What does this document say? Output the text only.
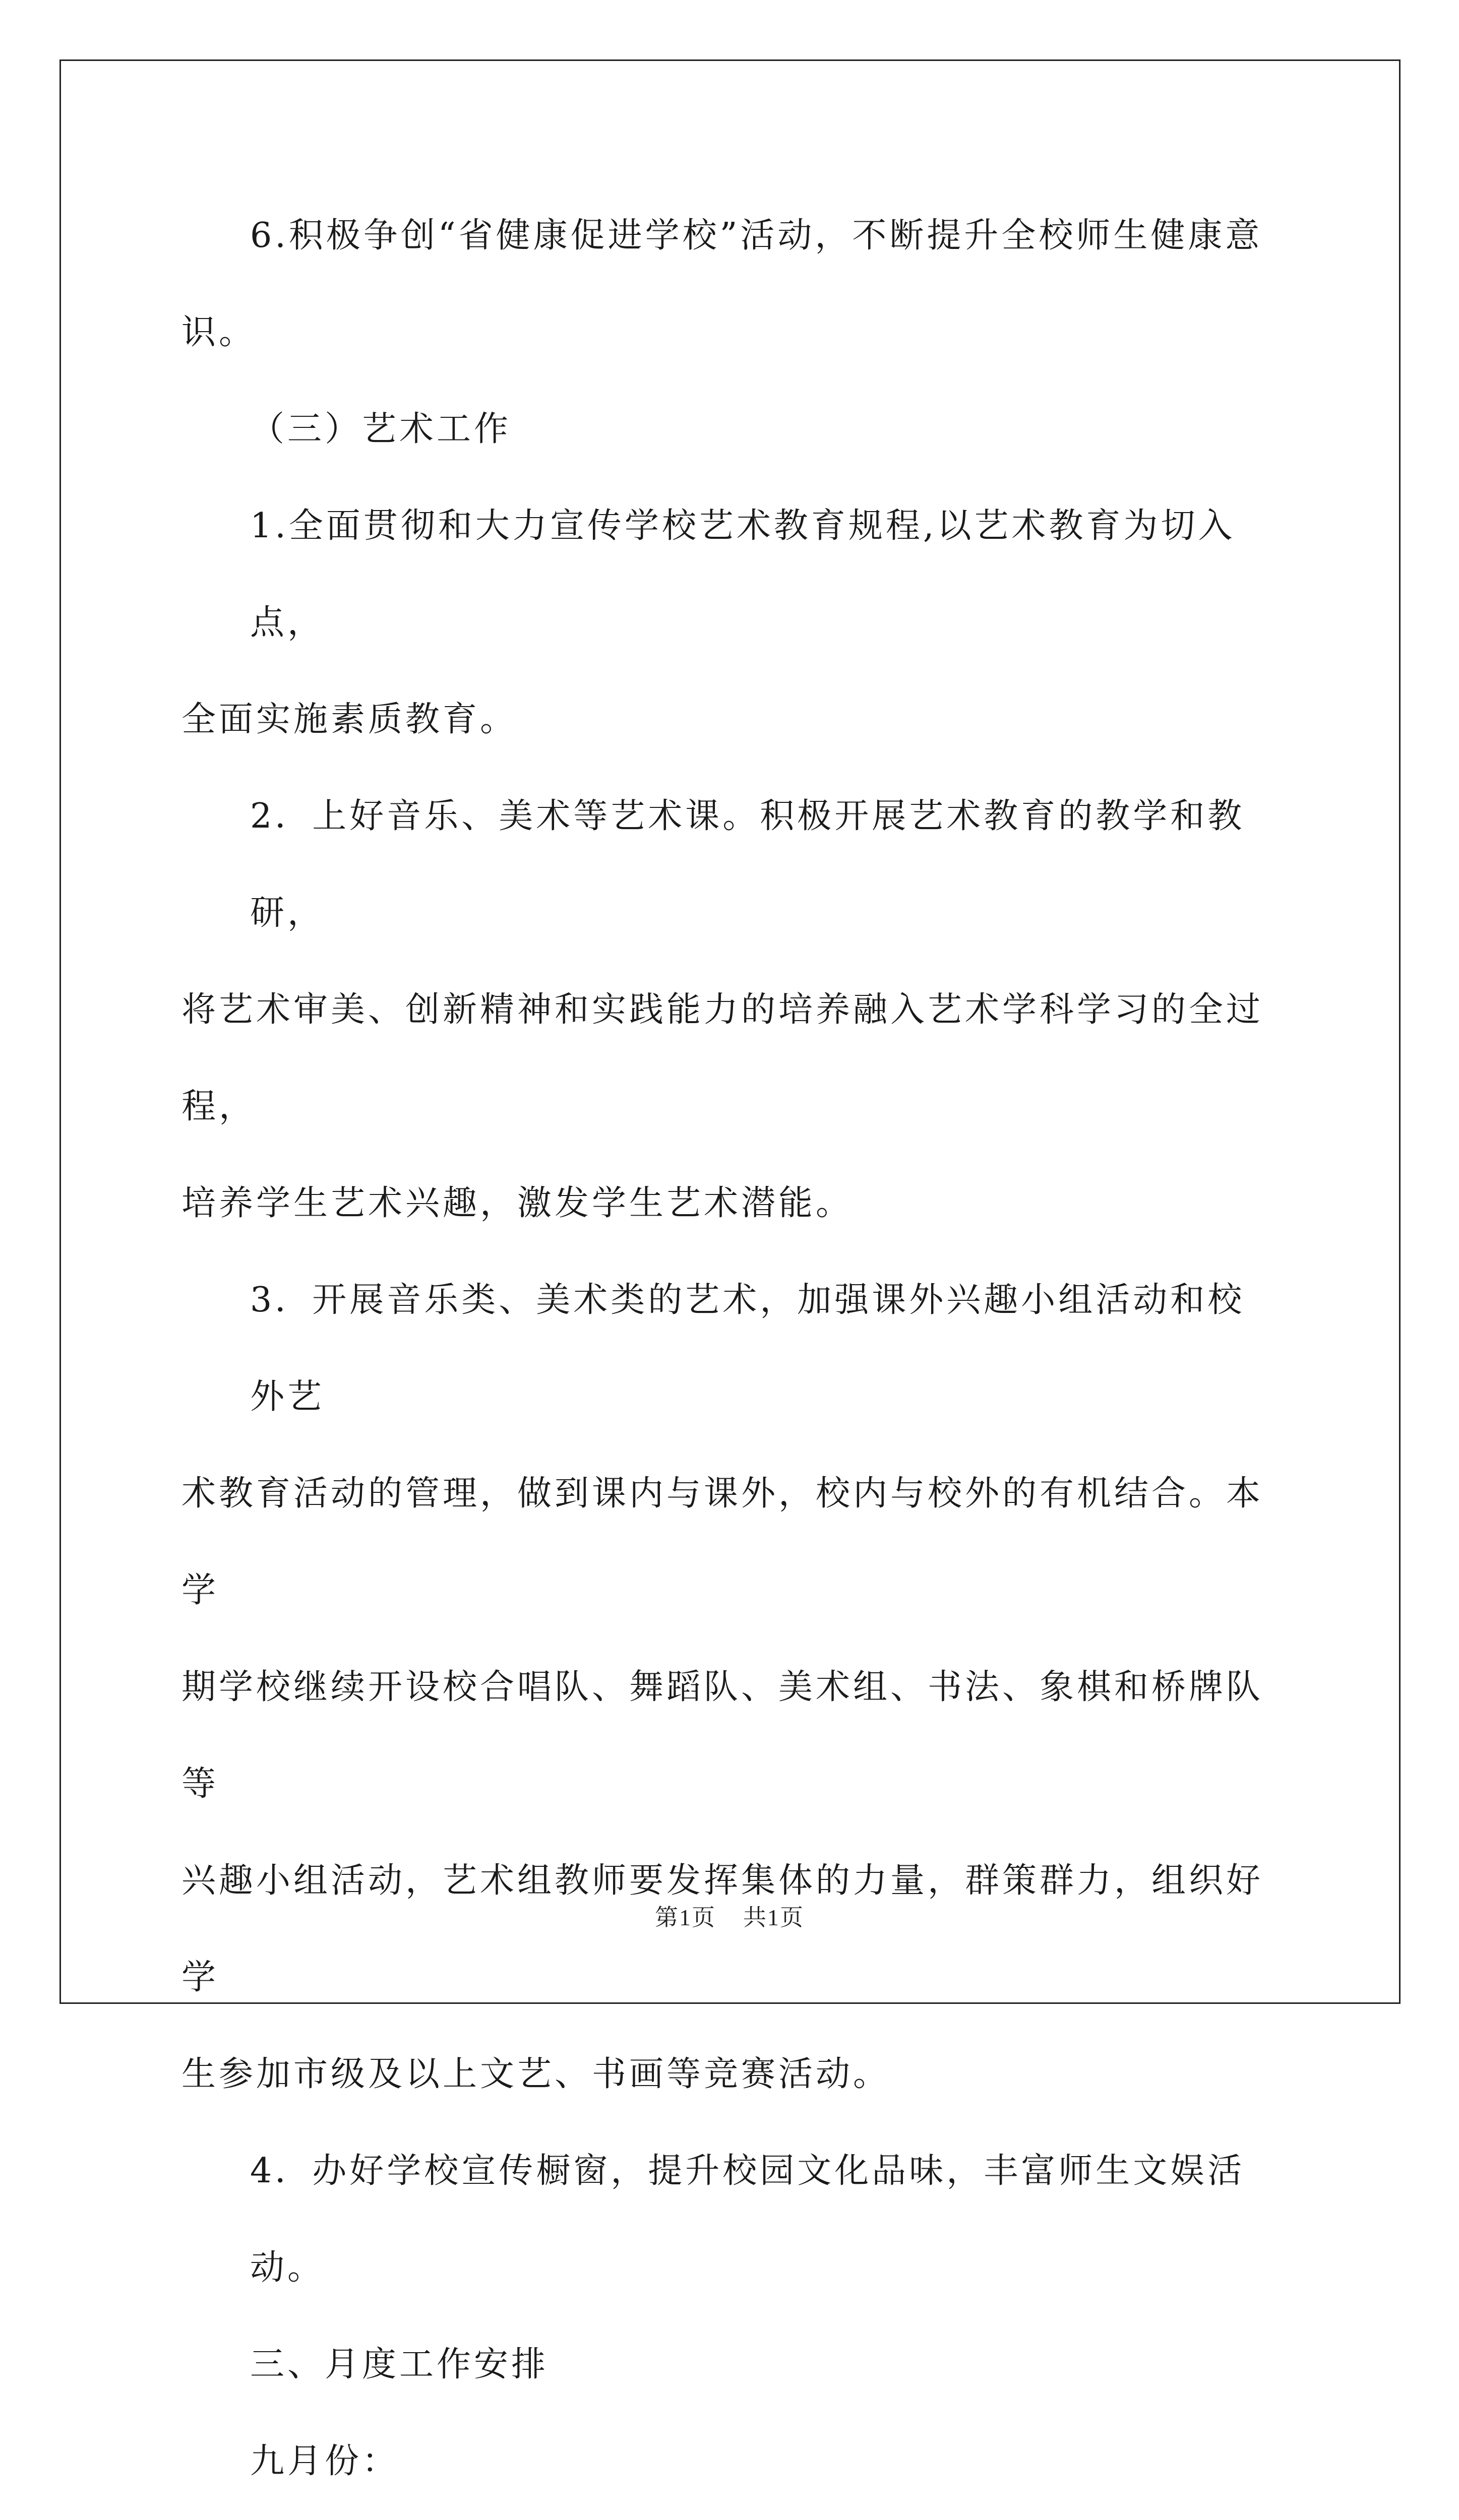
6.积极争创“省健康促进学校”活动，不断提升全校师生健康意
识。
（三）艺术工作
1.全面贯彻和大力宣传学校艺术教育规程,以艺术教育为切入点，
全面实施素质教育。
2．上好音乐、美术等艺术课。积极开展艺术教育的教学和教研，
将艺术审美、创新精神和实践能力的培养融入艺术学科学习的全过程，
培养学生艺术兴趣，激发学生艺术潜能。
3．开展音乐类、美术类的艺术，加强课外兴趣小组活动和校外艺
术教育活动的管理，做到课内与课外，校内与校外的有机结合。本学
期学校继续开设校合唱队、舞蹈队、美术组、书法、象棋和桥牌队等
兴趣小组活动，艺术组教师要发挥集体的力量，群策群力，组织好学
生参加市级及以上文艺、书画等竞赛活动。
4．办好学校宣传橱窗，提升校园文化品味，丰富师生文娱活动。
三、月度工作安排
九月份：
第1页 共1页
